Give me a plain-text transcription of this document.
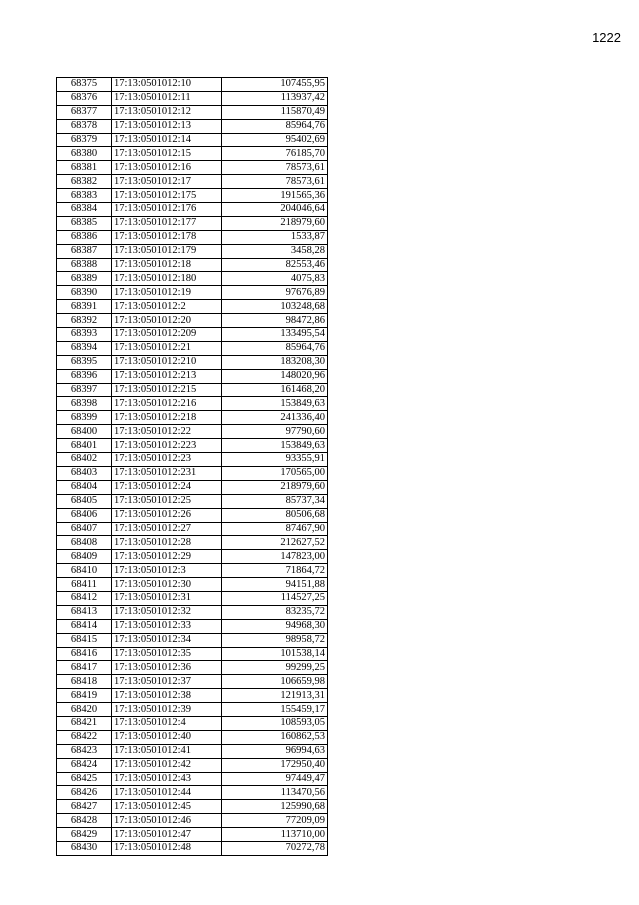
1222
68375	17:13:0501012:10	107455,95
68376	17:13:0501012:11	113937,42
68377	17:13:0501012:12	115870,49
68378	17:13:0501012:13	85964,76
68379	17:13:0501012:14	95402,69
68380	17:13:0501012:15	76185,70
68381	17:13:0501012:16	78573,61
68382	17:13:0501012:17	78573,61
68383	17:13:0501012:175	191565,36
68384	17:13:0501012:176	204046,64
68385	17:13:0501012:177	218979,60
68386	17:13:0501012:178	1533,87
68387	17:13:0501012:179	3458,28
68388	17:13:0501012:18	82553,46
68389	17:13:0501012:180	4075,83
68390	17:13:0501012:19	97676,89
68391	17:13:0501012:2	103248,68
68392	17:13:0501012:20	98472,86
68393	17:13:0501012:209	133495,54
68394	17:13:0501012:21	85964,76
68395	17:13:0501012:210	183208,30
68396	17:13:0501012:213	148020,96
68397	17:13:0501012:215	161468,20
68398	17:13:0501012:216	153849,63
68399	17:13:0501012:218	241336,40
68400	17:13:0501012:22	97790,60
68401	17:13:0501012:223	153849,63
68402	17:13:0501012:23	93355,91
68403	17:13:0501012:231	170565,00
68404	17:13:0501012:24	218979,60
68405	17:13:0501012:25	85737,34
68406	17:13:0501012:26	80506,68
68407	17:13:0501012:27	87467,90
68408	17:13:0501012:28	212627,52
68409	17:13:0501012:29	147823,00
68410	17:13:0501012:3	71864,72
68411	17:13:0501012:30	94151,88
68412	17:13:0501012:31	114527,25
68413	17:13:0501012:32	83235,72
68414	17:13:0501012:33	94968,30
68415	17:13:0501012:34	98958,72
68416	17:13:0501012:35	101538,14
68417	17:13:0501012:36	99299,25
68418	17:13:0501012:37	106659,98
68419	17:13:0501012:38	121913,31
68420	17:13:0501012:39	155459,17
68421	17:13:0501012:4	108593,05
68422	17:13:0501012:40	160862,53
68423	17:13:0501012:41	96994,63
68424	17:13:0501012:42	172950,40
68425	17:13:0501012:43	97449,47
68426	17:13:0501012:44	113470,56
68427	17:13:0501012:45	125990,68
68428	17:13:0501012:46	77209,09
68429	17:13:0501012:47	113710,00
68430	17:13:0501012:48	70272,78
